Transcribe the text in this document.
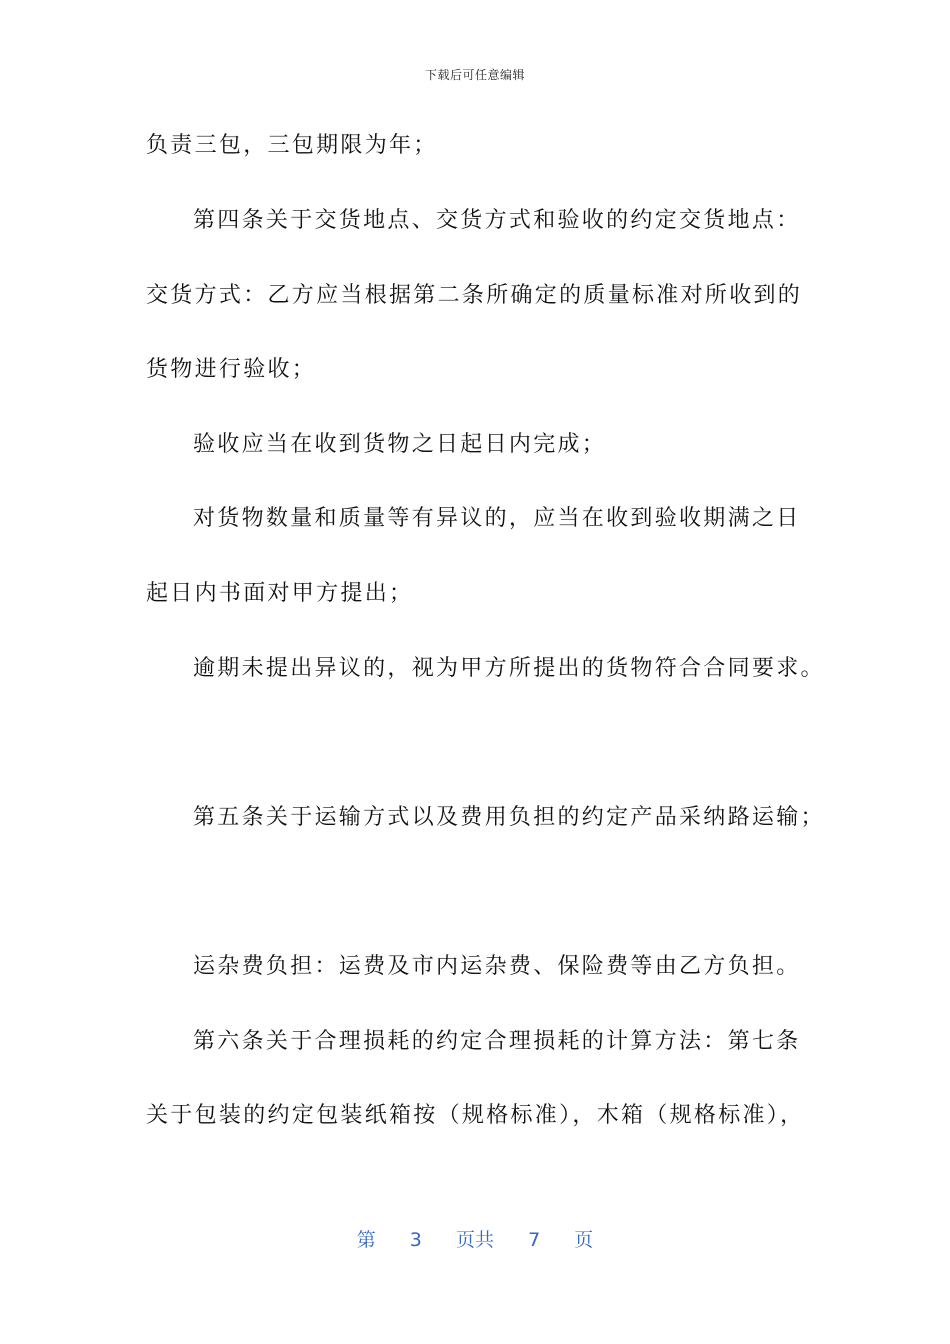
下载后可任意编辑
负责三包，三包期限为年；
第四条关于交货地点、交货方式和验收的约定交货地点：
交货方式：乙方应当根据第二条所确定的质量标准对所收到的
货物进行验收；
验收应当在收到货物之日起日内完成；
对货物数量和质量等有异议的，应当在收到验收期满之日
起日内书面对甲方提出；
逾期未提出异议的，视为甲方所提出的货物符合合同要求。
第五条关于运输方式以及费用负担的约定产品采纳路运输；
运杂费负担：运费及市内运杂费、保险费等由乙方负担。
第六条关于合理损耗的约定合理损耗的计算方法：第七条
关于包装的约定包装纸箱按（规格标准），木箱（规格标准），
第 3 页共 7 页
